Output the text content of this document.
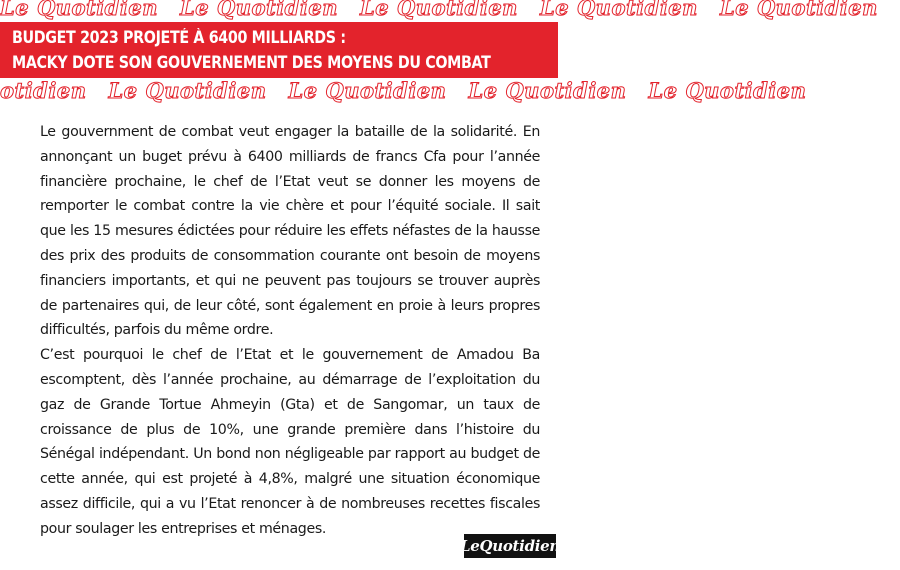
Le Quotidien Le Quotidien Le Quotidien Le Quotidien Le Quotidien
BUDGET 2023 PROJETÉ À 6400 MILLIARDS :
MACKY DOTE SON GOUVERNEMENT DES MOYENS DU COMBAT
otidien Le Quotidien Le Quotidien Le Quotidien Le Quotidien

Le gouvernment de combat veut engager la bataille de la solidarité. En annonçant un buget prévu à 6400 milliards de francs Cfa pour l’année financière prochaine, le chef de l’Etat veut se donner les moyens de remporter le combat contre la vie chère et pour l’équité sociale. Il sait que les 15 mesures édictées pour réduire les effets néfastes de la hausse des prix des produits de consommation courante ont besoin de moyens financiers importants, et qui ne peuvent pas toujours se trouver auprès de partenaires qui, de leur côté, sont également en proie à leurs propres difficultés, parfois du même ordre.

C’est pourquoi le chef de l’Etat et le gouvernement de Amadou Ba escomptent, dès l’année prochaine, au démarrage de l’exploitation du gaz de Grande Tortue Ahmeyin (Gta) et de Sangomar, un taux de croissance de plus de 10%, une grande première dans l’histoire du Sénégal indépendant. Un bond non négligeable par rapport au budget de cette année, qui est projeté à 4,8%, malgré une situation économique assez difficile, qui a vu l’Etat renoncer à de nombreuses recettes fiscales pour soulager les entreprises et ménages.

LeQuotidien
